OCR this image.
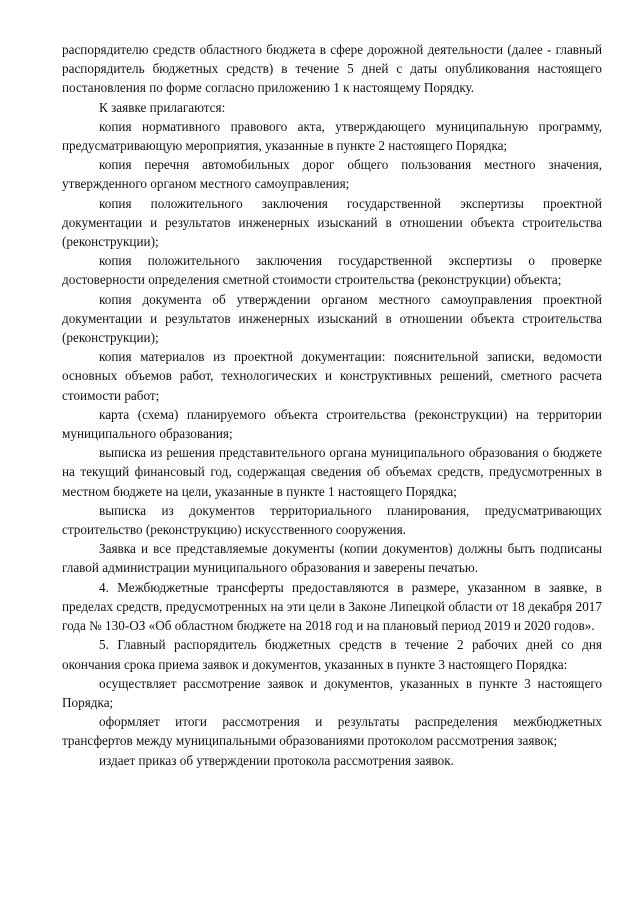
распорядителю средств областного бюджета в сфере дорожной деятельности (далее - главный распорядитель бюджетных средств) в течение 5 дней с даты опубликования настоящего постановления по форме согласно приложению 1 к настоящему Порядку.

К заявке прилагаются:

копия нормативного правового акта, утверждающего муниципальную программу, предусматривающую мероприятия, указанные в пункте 2 настоящего Порядка;

копия перечня автомобильных дорог общего пользования местного значения, утвержденного органом местного самоуправления;

копия положительного заключения государственной экспертизы проектной документации и результатов инженерных изысканий в отношении объекта строительства (реконструкции);

копия положительного заключения государственной экспертизы о проверке достоверности определения сметной стоимости строительства (реконструкции) объекта;

копия документа об утверждении органом местного самоуправления проектной документации и результатов инженерных изысканий в отношении объекта строительства (реконструкции);

копия материалов из проектной документации: пояснительной записки, ведомости основных объемов работ, технологических и конструктивных решений, сметного расчета стоимости работ;

карта (схема) планируемого объекта строительства (реконструкции) на территории муниципального образования;

выписка из решения представительного органа муниципального образования о бюджете на текущий финансовый год, содержащая сведения об объемах средств, предусмотренных в местном бюджете на цели, указанные в пункте 1 настоящего Порядка;

выписка из документов территориального планирования, предусматривающих строительство (реконструкцию) искусственного сооружения.

Заявка и все представляемые документы (копии документов) должны быть подписаны главой администрации муниципального образования и заверены печатью.

4. Межбюджетные трансферты предоставляются в размере, указанном в заявке, в пределах средств, предусмотренных на эти цели в Законе Липецкой области от 18 декабря 2017 года № 130-ОЗ «Об областном бюджете на 2018 год и на плановый период 2019 и 2020 годов».

5. Главный распорядитель бюджетных средств в течение 2 рабочих дней со дня окончания срока приема заявок и документов, указанных в пункте 3 настоящего Порядка:

осуществляет рассмотрение заявок и документов, указанных в пункте 3 настоящего Порядка;

оформляет итоги рассмотрения и результаты распределения межбюджетных трансфертов между муниципальными образованиями протоколом рассмотрения заявок;

издает приказ об утверждении протокола рассмотрения заявок.
